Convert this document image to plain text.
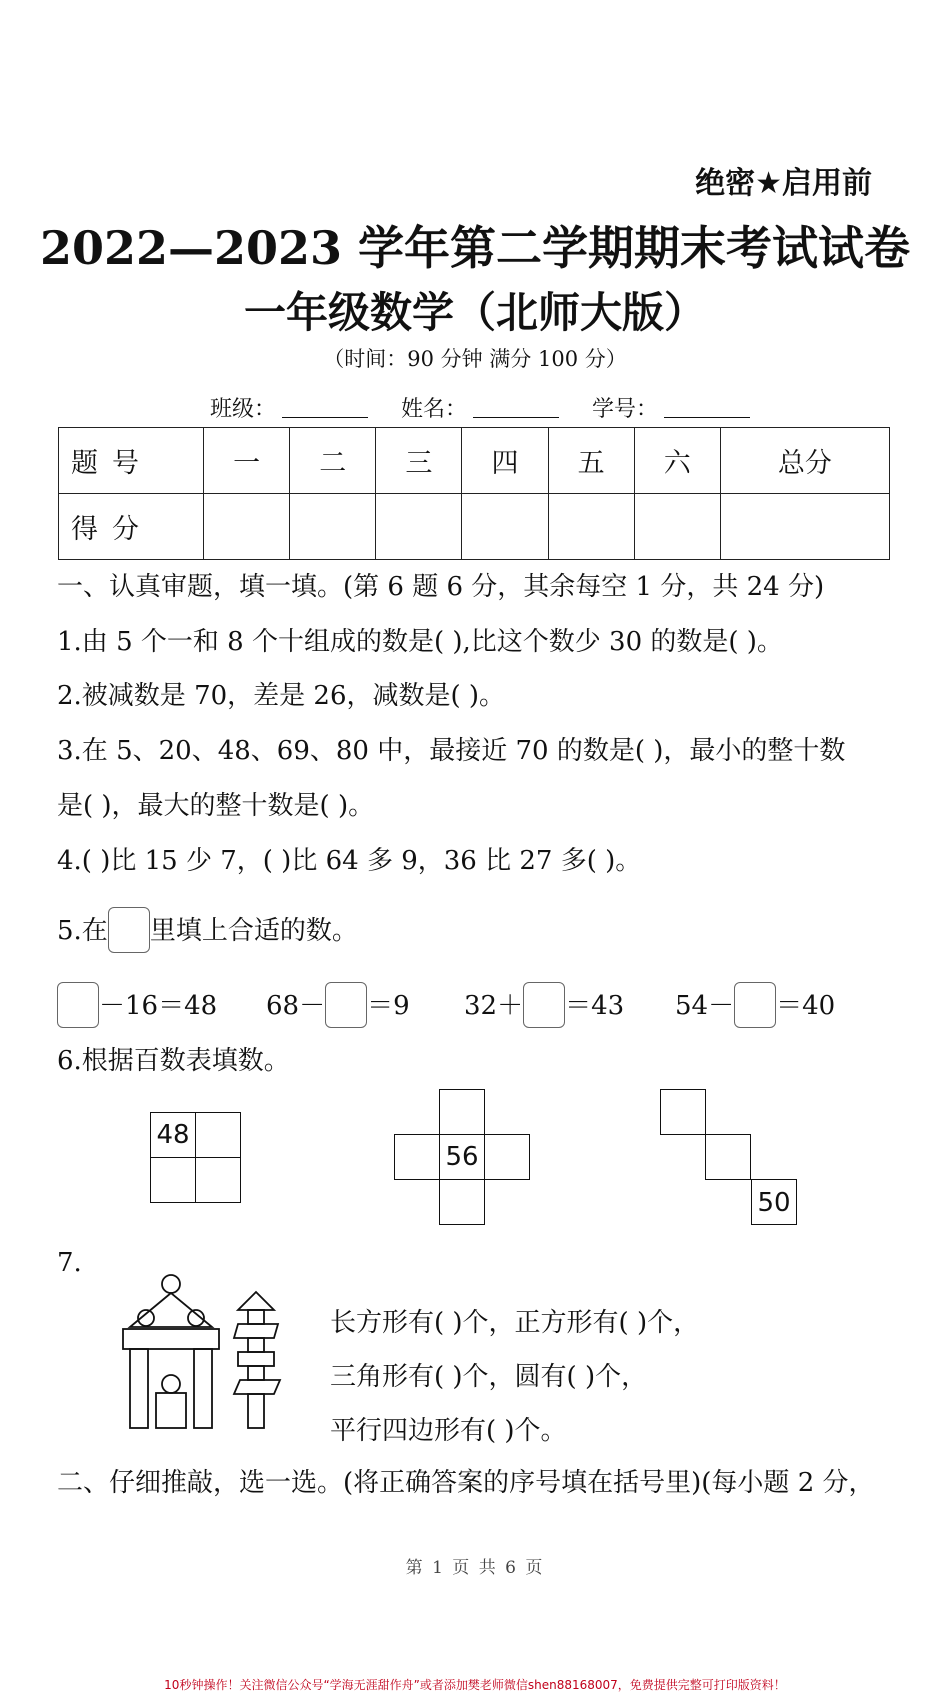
绝密★启用前
2022—2023 学年第二学期期末考试试卷
一年级数学（北师大版）
（时间：90 分钟 满分 100 分）
班级：	姓名：	学号：
题号	一	二	三	四	五	六	总分
得分							
一、认真审题，填一填。(第 6 题 6 分，其余每空 1 分，共 24 分)
1.由 5 个一和 8 个十组成的数是( ),比这个数少 30 的数是( )。
2.被减数是 70，差是 26，减数是( )。
3.在 5、20、48、69、80 中，最接近 70 的数是( )，最小的整十数
是( )，最大的整十数是( )。
4.( )比 15 少 7，( )比 64 多 9，36 比 27 多( )。
5.在 里填上合适的数。
－16＝48 68－ ＝9 32＋ ＝43 54－ ＝40
6.根据百数表填数。
48
56
50
7.
长方形有( )个，正方形有( )个，
三角形有( )个，圆有( )个，
平行四边形有( )个。
二、仔细推敲，选一选。(将正确答案的序号填在括号里)(每小题 2 分，
第 1 页 共 6 页
10秒钟操作！关注微信公众号“学海无涯甜作舟”或者添加樊老师微信shen88168007，免费提供完整可打印版资料！
